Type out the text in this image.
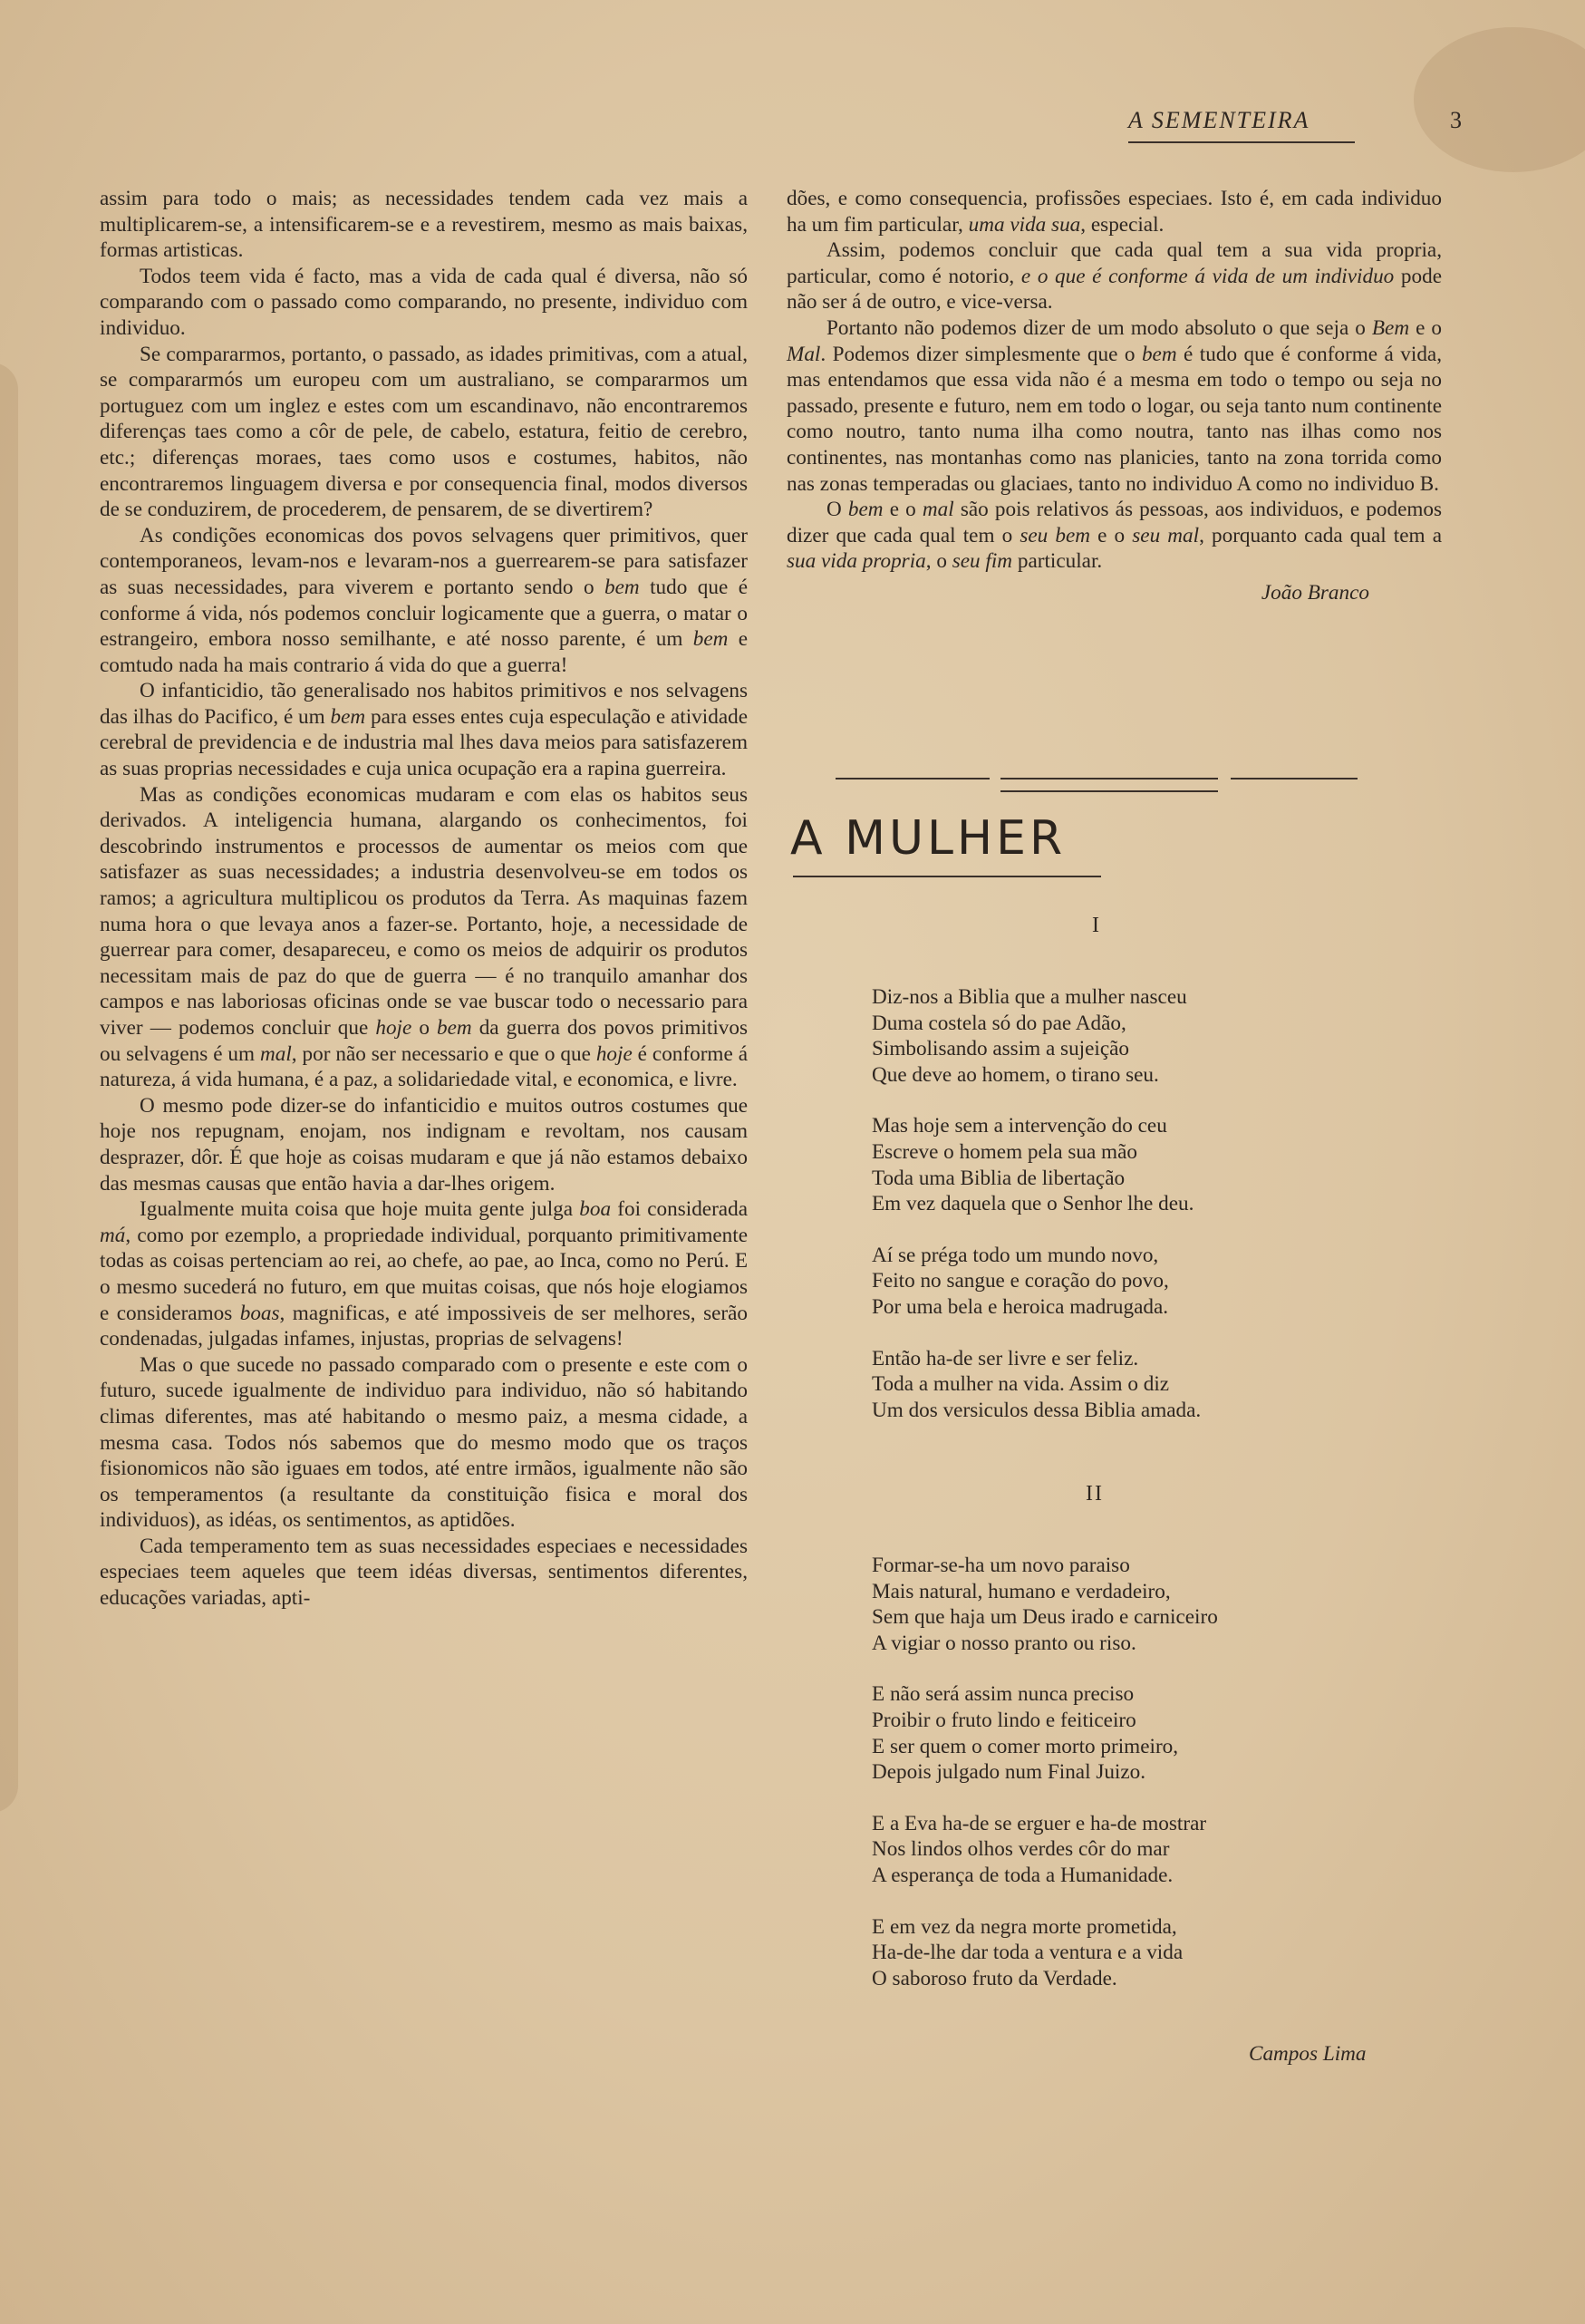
A SEMENTEIRA	3

assim para todo o mais; as necessidades tendem cada vez mais a multiplicarem-se, a intensificarem-se e a revestirem, mesmo as mais baixas, formas artisticas.

Todos teem vida é facto, mas a vida de cada qual é diversa, não só comparando com o passado como comparando, no presente, individuo com individuo.

Se compararmos, portanto, o passado, as idades primitivas, com a atual, se compararmós um europeu com um australiano, se compararmos um portuguez com um inglez e estes com um escandinavo, não encontraremos diferenças taes como a côr de pele, de cabelo, estatura, feitio de cerebro, etc.; diferenças moraes, taes como usos e costumes, habitos, não encontraremos linguagem diversa e por consequencia final, modos diversos de se conduzirem, de procederem, de pensarem, de se divertirem?

As condições economicas dos povos selvagens quer primitivos, quer contemporaneos, levam-nos e levaram-nos a guerrearem-se para satisfazer as suas necessidades, para viverem e portanto sendo o bem tudo que é conforme á vida, nós podemos concluir logicamente que a guerra, o matar o estrangeiro, embora nosso semilhante, e até nosso parente, é um bem e comtudo nada ha mais contrario á vida do que a guerra!

O infanticidio, tão generalisado nos habitos primitivos e nos selvagens das ilhas do Pacifico, é um bem para esses entes cuja especulação e atividade cerebral de previdencia e de industria mal lhes dava meios para satisfazerem as suas proprias necessidades e cuja unica ocupação era a rapina guerreira.

Mas as condições economicas mudaram e com elas os habitos seus derivados. A inteligencia humana, alargando os conhecimentos, foi descobrindo instrumentos e processos de aumentar os meios com que satisfazer as suas necessidades; a industria desenvolveu-se em todos os ramos; a agricultura multiplicou os produtos da Terra. As maquinas fazem numa hora o que levaya anos a fazer-se. Portanto, hoje, a necessidade de guerrear para comer, desapareceu, e como os meios de adquirir os produtos necessitam mais de paz do que de guerra — é no tranquilo amanhar dos campos e nas laboriosas oficinas onde se vae buscar todo o necessario para viver — podemos concluir que hoje o bem da guerra dos povos primitivos ou selvagens é um mal, por não ser necessario e que o que hoje é conforme á natureza, á vida humana, é a paz, a solidariedade vital, e economica, e livre.

O mesmo pode dizer-se do infanticidio e muitos outros costumes que hoje nos repugnam, enojam, nos indignam e revoltam, nos causam desprazer, dôr. É que hoje as coisas mudaram e que já não estamos debaixo das mesmas causas que então havia a dar-lhes origem.

Igualmente muita coisa que hoje muita gente julga boa foi considerada má, como por ezemplo, a propriedade individual, porquanto primitivamente todas as coisas pertenciam ao rei, ao chefe, ao pae, ao Inca, como no Perú. E o mesmo sucederá no futuro, em que muitas coisas, que nós hoje elogiamos e consideramos boas, magnificas, e até impossiveis de ser melhores, serão condenadas, julgadas infames, injustas, proprias de selvagens!

Mas o que sucede no passado comparado com o presente e este com o futuro, sucede igualmente de individuo para individuo, não só habitando climas diferentes, mas até habitando o mesmo paiz, a mesma cidade, a mesma casa. Todos nós sabemos que do mesmo modo que os traços fisionomicos não são iguaes em todos, até entre irmãos, igualmente não são os temperamentos (a resultante da constituição fisica e moral dos individuos), as idéas, os sentimentos, as aptidões.

Cada temperamento tem as suas necessidades especiaes e necessidades especiaes teem aqueles que teem idéas diversas, sentimentos diferentes, educações variadas, apti-

dões, e como consequencia, profissões especiaes. Isto é, em cada individuo ha um fim particular, uma vida sua, especial.

Assim, podemos concluir que cada qual tem a sua vida propria, particular, como é notorio, e o que é conforme á vida de um individuo pode não ser á de outro, e vice-versa.

Portanto não podemos dizer de um modo absoluto o que seja o Bem e o Mal. Podemos dizer simplesmente que o bem é tudo que é conforme á vida, mas entendamos que essa vida não é a mesma em todo o tempo ou seja no passado, presente e futuro, nem em todo o logar, ou seja tanto num continente como noutro, tanto numa ilha como noutra, tanto nas ilhas como nos continentes, nas montanhas como nas planicies, tanto na zona torrida como nas zonas temperadas ou glaciaes, tanto no individuo A como no individuo B.

O bem e o mal são pois relativos ás pessoas, aos individuos, e podemos dizer que cada qual tem o seu bem e o seu mal, porquanto cada qual tem a sua vida propria, o seu fim particular.

João Branco

A MULHER
I
Diz-nos a Biblia que a mulher nasceu
Duma costela só do pae Adão,
Simbolisando assim a sujeição
Que deve ao homem, o tirano seu.
Mas hoje sem a intervenção do ceu
Escreve o homem pela sua mão
Toda uma Biblia de libertação
Em vez daquela que o Senhor lhe deu.
Aí se préga todo um mundo novo,
Feito no sangue e coração do povo,
Por uma bela e heroica madrugada.
Então ha-de ser livre e ser feliz.
Toda a mulher na vida. Assim o diz
Um dos versiculos dessa Biblia amada.
II
Formar-se-ha um novo paraiso
Mais natural, humano e verdadeiro,
Sem que haja um Deus irado e carniceiro
A vigiar o nosso pranto ou riso.
E não será assim nunca preciso
Proibir o fruto lindo e feiticeiro
E ser quem o comer morto primeiro,
Depois julgado num Final Juizo.
E a Eva ha-de se erguer e ha-de mostrar
Nos lindos olhos verdes côr do mar
A esperança de toda a Humanidade.
E em vez da negra morte prometida,
Ha-de-lhe dar toda a ventura e a vida
O saboroso fruto da Verdade.
Campos Lima
